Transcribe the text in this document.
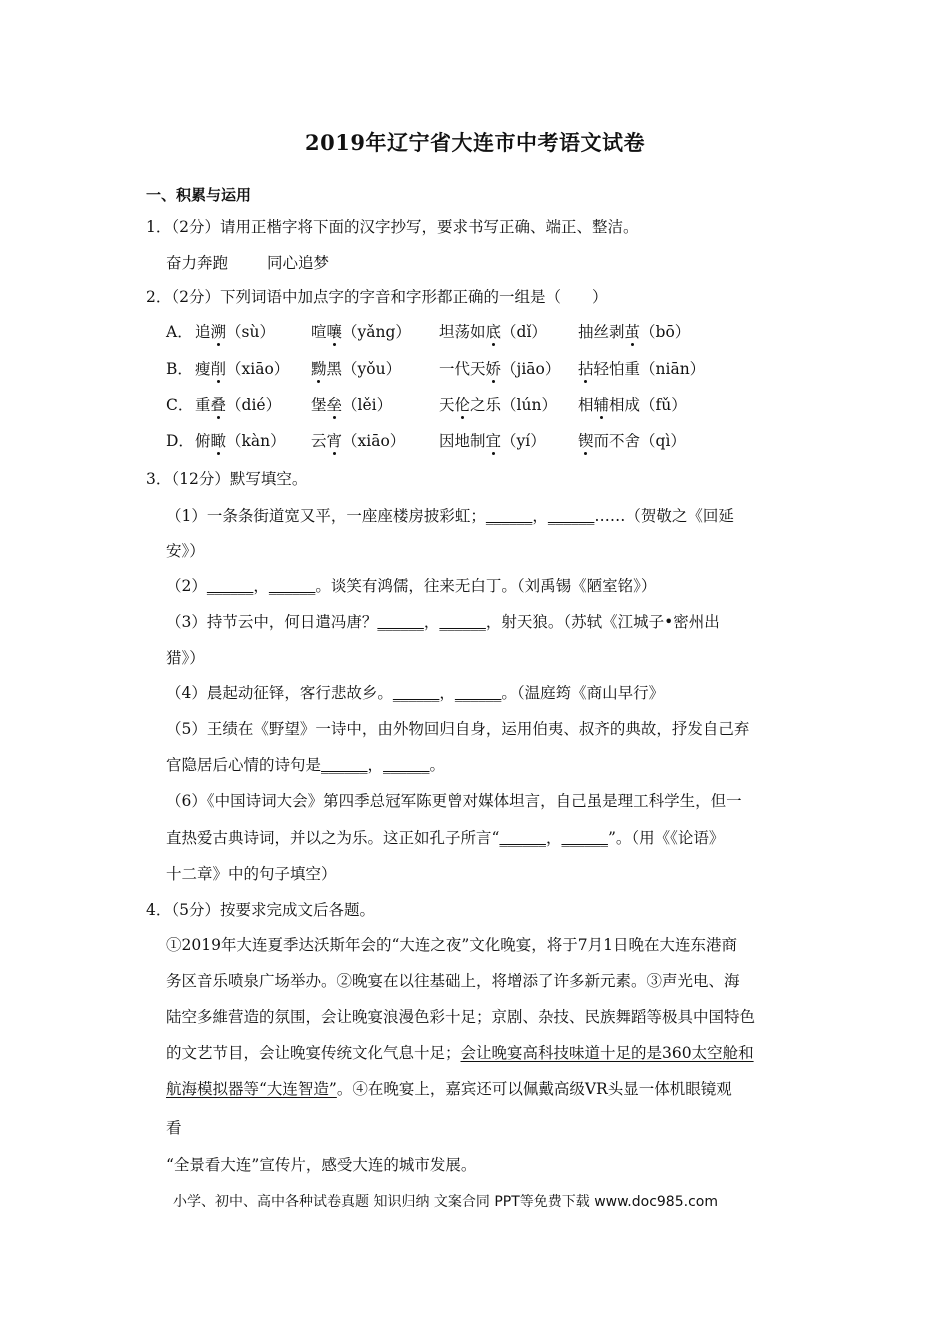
2019年辽宁省大连市中考语文试卷
一、积累与运用
1．（2分）请用正楷字将下面的汉字抄写，要求书写正确、端正、整洁。
奋力奔跑	同心追梦
2．（2分）下列词语中加点字的字音和字形都正确的一组是（　　）
A． 追溯（sù） 喧嚷（yǎng） 坦荡如底（dǐ） 抽丝剥茧（bō）
B． 瘦削（xiāo） 黝黑（yǒu） 一代天娇（jiāo） 拈轻怕重（niān）
C． 重叠（dié） 堡垒（lěi）	天伦之乐（lún） 相辅相成（fǔ）
D． 俯瞰（kàn） 云宵（xiāo） 因地制宜（yí） 锲而不舍（qì）
3．（12分）默写填空。
（1）一条条街道宽又平，一座座楼房披彩虹；______，______……（贺敬之《回延
安》）
（2）______，______。谈笑有鸿儒，往来无白丁。（刘禹锡《陋室铭》）
（3）持节云中，何日遣冯唐？______，______，射天狼。（苏轼《江城子•密州出
猎》）
（4）晨起动征铎，客行悲故乡。______，______。（温庭筠《商山早行》
（5）王绩在《野望》一诗中，由外物回归自身，运用伯夷、叔齐的典故，抒发自己弃
官隐居后心情的诗句是______，______。
（6）《中国诗词大会》第四季总冠军陈更曾对媒体坦言，自己虽是理工科学生，但一
直热爱古典诗词，并以之为乐。这正如孔子所言“______，______”。（用《《论语》
十二章》中的句子填空）
4．（5分）按要求完成文后各题。
①2019年大连夏季达沃斯年会的“大连之夜”文化晚宴，将于7月1日晚在大连东港商
务区音乐喷泉广场举办。②晚宴在以往基础上，将增添了许多新元素。③声光电、海
陆空多維营造的氛围，会让晚宴浪漫色彩十足；京剧、杂技、民族舞蹈等极具中国特色
的文艺节目，会让晚宴传统文化气息十足；会让晚宴高科技味道十足的是360太空舱和
航海模拟器等“大连智造”。④在晚宴上，嘉宾还可以佩戴高级VR头显一体机眼镜观
看
“全景看大连”宣传片，感受大连的城市发展。
小学、初中、高中各种试卷真题 知识归纳 文案合同 PPT等免费下载 www.doc985.com
